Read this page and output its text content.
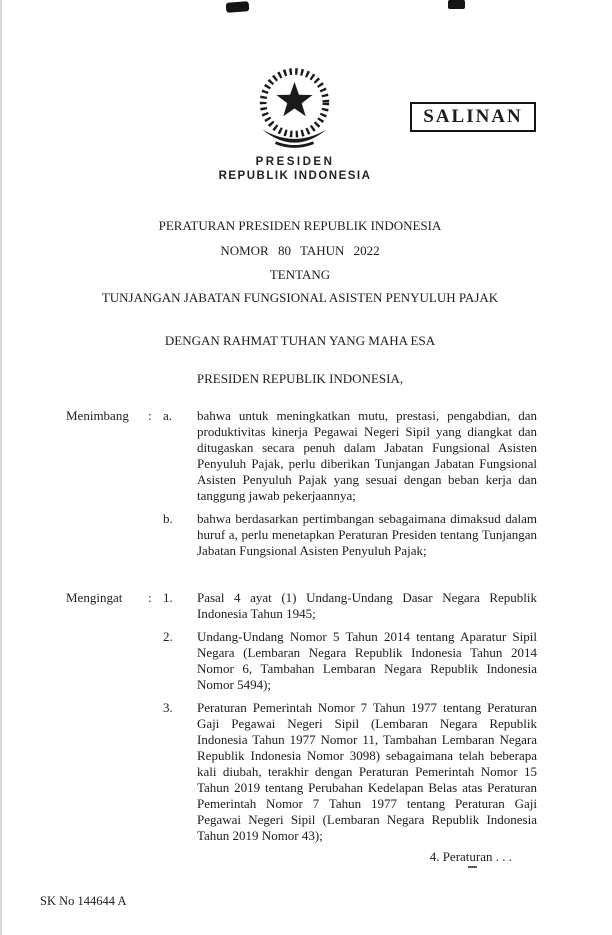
SALINAN
PRESIDEN
REPUBLIK INDONESIA
PERATURAN PRESIDEN REPUBLIK INDONESIA
NOMOR 80 TAHUN 2022
TENTANG
TUNJANGAN JABATAN FUNGSIONAL ASISTEN PENYULUH PAJAK
DENGAN RAHMAT TUHAN YANG MAHA ESA
PRESIDEN REPUBLIK INDONESIA,
Menimbang	: a.	bahwa untuk meningkatkan mutu, prestasi, pengabdian, dan produktivitas kinerja Pegawai Negeri Sipil yang diangkat dan ditugaskan secara penuh dalam Jabatan Fungsional Asisten Penyuluh Pajak, perlu diberikan Tunjangan Jabatan Fungsional Asisten Penyuluh Pajak yang sesuai dengan beban kerja dan tanggung jawab pekerjaannya;
b.	bahwa berdasarkan pertimbangan sebagaimana dimaksud dalam huruf a, perlu menetapkan Peraturan Presiden tentang Tunjangan Jabatan Fungsional Asisten Penyuluh Pajak;
Mengingat	: 1.	Pasal 4 ayat (1) Undang-Undang Dasar Negara Republik Indonesia Tahun 1945;
2.	Undang-Undang Nomor 5 Tahun 2014 tentang Aparatur Sipil Negara (Lembaran Negara Republik Indonesia Tahun 2014 Nomor 6, Tambahan Lembaran Negara Republik Indonesia Nomor 5494);
3.	Peraturan Pemerintah Nomor 7 Tahun 1977 tentang Peraturan Gaji Pegawai Negeri Sipil (Lembaran Negara Republik Indonesia Tahun 1977 Nomor 11, Tambahan Lembaran Negara Republik Indonesia Nomor 3098) sebagaimana telah beberapa kali diubah, terakhir dengan Peraturan Pemerintah Nomor 15 Tahun 2019 tentang Perubahan Kedelapan Belas atas Peraturan Pemerintah Nomor 7 Tahun 1977 tentang Peraturan Gaji Pegawai Negeri Sipil (Lembaran Negara Republik Indonesia Tahun 2019 Nomor 43);
4. Peraturan . . .
SK No 144644 A
